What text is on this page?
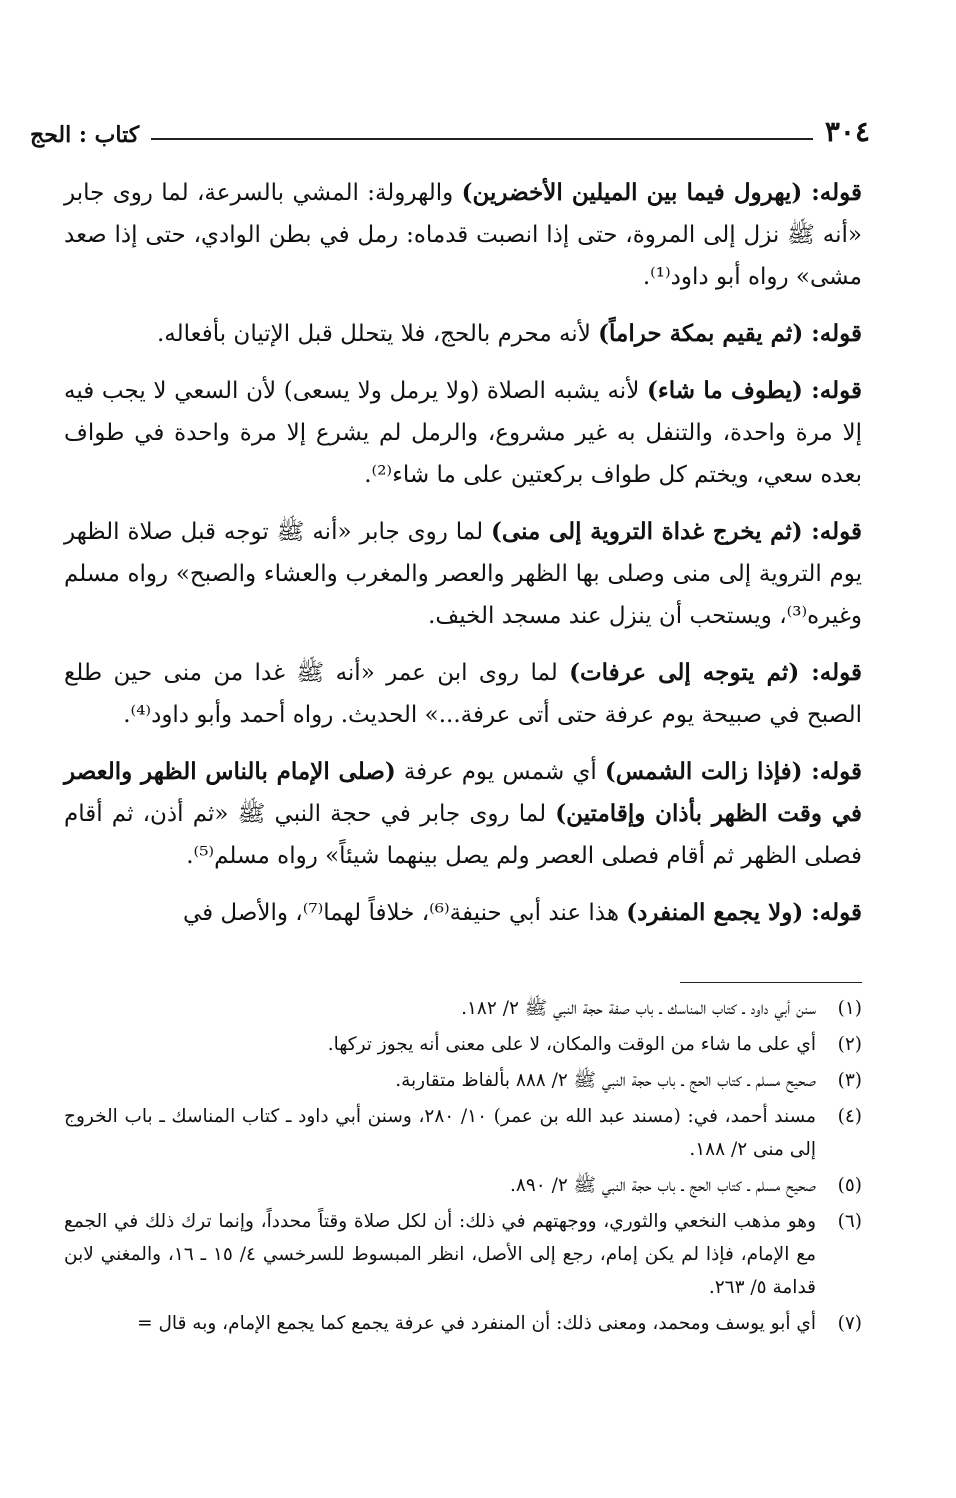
٣٠٤
كتاب : الحج

قوله: (يهرول فيما بين الميلين الأخضرين) والهرولة: المشي بالسرعة، لما روى جابر «أنه ﷺ نزل إلى المروة، حتى إذا انصبت قدماه: رمل في بطن الوادي، حتى إذا صعد مشى» رواه أبو داود⁽¹⁾.

قوله: (ثم يقيم بمكة حراماً) لأنه محرم بالحج، فلا يتحلل قبل الإتيان بأفعاله.

قوله: (يطوف ما شاء) لأنه يشبه الصلاة (ولا يرمل ولا يسعى) لأن السعي لا يجب فيه إلا مرة واحدة، والتنفل به غير مشروع، والرمل لم يشرع إلا مرة واحدة في طواف بعده سعي، ويختم كل طواف بركعتين على ما شاء⁽²⁾.

قوله: (ثم يخرج غداة التروية إلى منى) لما روى جابر «أنه ﷺ توجه قبل صلاة الظهر يوم التروية إلى منى وصلى بها الظهر والعصر والمغرب والعشاء والصبح» رواه مسلم وغيره⁽³⁾، ويستحب أن ينزل عند مسجد الخيف.

قوله: (ثم يتوجه إلى عرفات) لما روى ابن عمر «أنه ﷺ غدا من منى حين طلع الصبح في صبيحة يوم عرفة حتى أتى عرفة...» الحديث. رواه أحمد وأبو داود⁽⁴⁾.

قوله: (فإذا زالت الشمس) أي شمس يوم عرفة (صلى الإمام بالناس الظهر والعصر في وقت الظهر بأذان وإقامتين) لما روى جابر في حجة النبي ﷺ «ثم أذن، ثم أقام فصلى الظهر ثم أقام فصلى العصر ولم يصل بينهما شيئاً» رواه مسلم⁽⁵⁾.

قوله: (ولا يجمع المنفرد) هذا عند أبي حنيفة⁽⁶⁾، خلافاً لهما⁽⁷⁾، والأصل في

(١)
سنن أبي داود ـ كتاب المناسك ـ باب صفة حجة النبي ﷺ ٢/ ١٨٢.
(٢)
أي على ما شاء من الوقت والمكان، لا على معنى أنه يجوز تركها.
(٣)
صحيح مسلم ـ كتاب الحج ـ باب حجة النبي ﷺ ٢/ ٨٨٨ بألفاظ متقاربة.
(٤)
مسند أحمد، في: (مسند عبد الله بن عمر) ١٠/ ٢٨٠، وسنن أبي داود ـ كتاب المناسك ـ باب الخروج إلى منى ٢/ ١٨٨.
(٥)
صحيح مسلم ـ كتاب الحج ـ باب حجة النبي ﷺ ٢/ ٨٩٠.
(٦)
وهو مذهب النخعي والثوري، ووجهتهم في ذلك: أن لكل صلاة وقتاً محدداً، وإنما ترك ذلك في الجمع مع الإمام، فإذا لم يكن إمام، رجع إلى الأصل، انظر المبسوط للسرخسي ٤/ ١٥ ـ ١٦، والمغني لابن قدامة ٥/ ٢٦٣.
(٧)
أي أبو يوسف ومحمد، ومعنى ذلك: أن المنفرد في عرفة يجمع كما يجمع الإمام، وبه قال =
